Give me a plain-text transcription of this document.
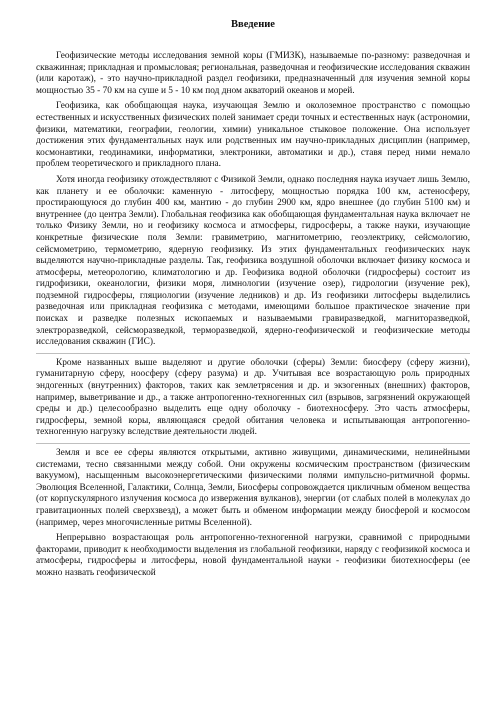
Введение

Геофизические методы исследования земной коры (ГМИЗК), называемые по-разному: разведочная и скважинная; прикладная и промысловая; региональная, разведочная и геофизические исследования скважин (или каротаж), - это научно-прикладной раздел геофизики, предназначенный для изучения земной коры мощностью 35 - 70 км на суше и 5 - 10 км под дном акваторий океанов и морей.

Геофизика, как обобщающая наука, изучающая Землю и околоземное пространство с помощью естественных и искусственных физических полей занимает среди точных и естественных наук (астрономии, физики, математики, географии, геологии, химии) уникальное стыковое положение. Она использует достижения этих фундаментальных наук или родственных им научно-прикладных дисциплин (например, космонавтики, геодинамики, информатики, электроники, автоматики и др.), ставя перед ними немало проблем теоретического и прикладного плана.

Хотя иногда геофизику отождествляют с Физикой Земли, однако последняя наука изучает лишь Землю, как планету и ее оболочки: каменную - литосферу, мощностью порядка 100 км, астеносферу, простирающуюся до глубин 400 км, мантию - до глубин 2900 км, ядро внешнее (до глубин 5100 км) и внутреннее (до центра Земли). Глобальная геофизика как обобщающая фундаментальная наука включает не только Физику Земли, но и геофизику космоса и атмосферы, гидросферы, а также науки, изучающие конкретные физические поля Земли: гравиметрию, магнитометрию, геоэлектрику, сейсмологию, сейсмометрию, термометрию, ядерную геофизику. Из этих фундаментальных геофизических наук выделяются научно-прикладные разделы. Так, геофизика воздушной оболочки включает физику космоса и атмосферы, метеорологию, климатологию и др. Геофизика водной оболочки (гидросферы) состоит из гидрофизики, океанологии, физики моря, лимнологии (изучение озер), гидрологии (изучение рек), подземной гидросферы, гляциологии (изучение ледников) и др. Из геофизики литосферы выделились разведочная или прикладная геофизика с методами, имеющими большое практическое значение при поисках и разведке полезных ископаемых и называемыми гравиразведкой, магниторазведкой, электроразведкой, сейсморазведкой, терморазведкой, ядерно-геофизической и геофизические методы исследования скважин (ГИС).

Кроме названных выше выделяют и другие оболочки (сферы) Земли: биосферу (сферу жизни), гуманитарную сферу, ноосферу (сферу разума) и др. Учитывая все возрастающую роль природных эндогенных (внутренних) факторов, таких как землетрясения и др. и экзогенных (внешних) факторов, например, выветривание и др., а также антропогенно-техногенных сил (взрывов, загрязнений окружающей среды и др.) целесообразно выделить еще одну оболочку - биотехносферу. Это часть атмосферы, гидросферы, земной коры, являющаяся средой обитания человека и испытывающая антропогенно-техногенную нагрузку вследствие деятельности людей.

Земля и все ее сферы являются открытыми, активно живущими, динамическими, нелинейными системами, тесно связанными между собой. Они окружены космическим пространством (физическим вакуумом), насыщенным высокоэнергетическими физическими полями импульсно-ритмичной формы. Эволюция Вселенной, Галактики, Солнца, Земли, Биосферы сопровождается цикличным обменом вещества (от корпускулярного излучения космоса до извержения вулканов), энергии (от слабых полей в молекулах до гравитационных полей сверхзвезд), а может быть и обменом информации между биосферой и космосом (например, через многочисленные ритмы Вселенной).

Непрерывно возрастающая роль антропогенно-техногенной нагрузки, сравнимой с природными факторами, приводит к необходимости выделения из глобальной геофизики, наряду с геофизикой космоса и атмосферы, гидросферы и литосферы, новой фундаментальной науки - геофизики биотехносферы (ее можно назвать геофизической
